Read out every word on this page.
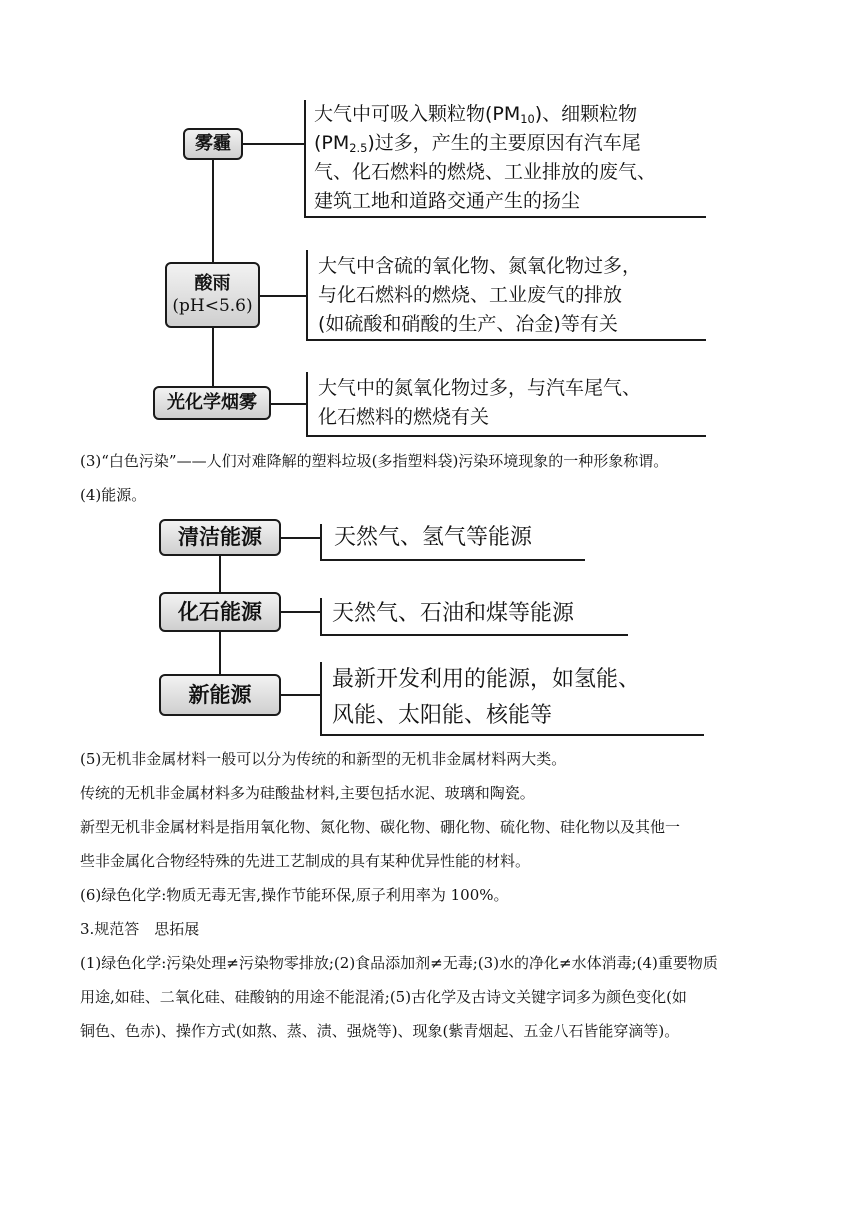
雾霾
大气中可吸入颗粒物$(PM_{10})$、细颗粒物
$(PM_{2.5})$过多，产生的主要原因有汽车尾
气、化石燃料的燃烧、工业排放的废气、
建筑工地和道路交通产生的扬尘
酸雨
(pH<5.6)
大气中含硫的氧化物、氮氧化物过多，
与化石燃料的燃烧、工业废气的排放
(如硫酸和硝酸的生产、冶金)等有关
光化学烟雾
大气中的氮氧化物过多，与汽车尾气、
化石燃料的燃烧有关
(3)“白色污染”——人们对难降解的塑料垃圾(多指塑料袋)污染环境现象的一种形象称谓。
(4)能源。
清洁能源	天然气、氢气等能源
化石能源	天然气、石油和煤等能源
新能源
最新开发利用的能源，如氢能、
风能、太阳能、核能等
(5)无机非金属材料一般可以分为传统的和新型的无机非金属材料两大类。
传统的无机非金属材料多为硅酸盐材料,主要包括水泥、玻璃和陶瓷。
新型无机非金属材料是指用氧化物、氮化物、碳化物、硼化物、硫化物、硅化物以及其他一
些非金属化合物经特殊的先进工艺制成的具有某种优异性能的材料。
(6)绿色化学:物质无毒无害,操作节能环保,原子利用率为 100%。
3.规范答　思拓展
(1)绿色化学:污染处理≠污染物零排放;(2)食品添加剂≠无毒;(3)水的净化≠水体消毒;(4)重要物质
用途,如硅、二氧化硅、硅酸钠的用途不能混淆;(5)古化学及古诗文关键字词多为颜色变化(如
铜色、色赤)、操作方式(如熬、蒸、渍、强烧等)、现象(紫青烟起、五金八石皆能穿滴等)。
